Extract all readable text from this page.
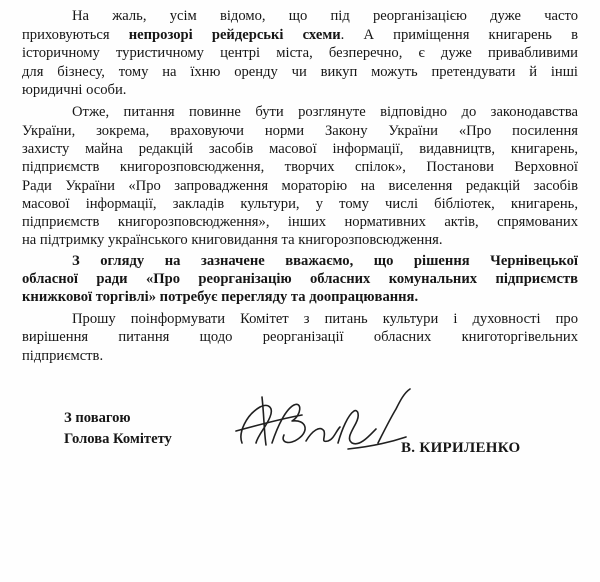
На жаль, усім відомо, що під реорганізацією дуже часто
приховуються непрозорі рейдерські схеми. А приміщення книгарень в
історичному туристичному центрі міста, безперечно, є дуже привабливими
для бізнесу, тому на їхню оренду чи викуп можуть претендувати й інші
юридичні особи.
Отже, питання повинне бути розглянуте відповідно до законодавства
України, зокрема, враховуючи норми Закону України «Про посилення
захисту майна редакцій засобів масової інформації, видавництв, книгарень,
підприємств книгорозповсюдження, творчих спілок», Постанови Верховної
Ради України «Про запровадження мораторію на виселення редакцій засобів
масової інформації, закладів культури, у тому числі бібліотек, книгарень,
підприємств книгорозповсюдження», інших нормативних актів, спрямованих
на підтримку українського книговидання та книгорозповсюдження.
З огляду на зазначене вважаємо, що рішення Чернівецької
обласної ради «Про реорганізацію обласних комунальних підприємств
книжкової торгівлі» потребує перегляду та доопрацювання.
Прошу поінформувати Комітет з питань культури і духовності про
вирішення питання щодо реорганізації обласних книготоргівельних
підприємств.
З повагою
Голова Комітету
В. КИРИЛЕНКО
